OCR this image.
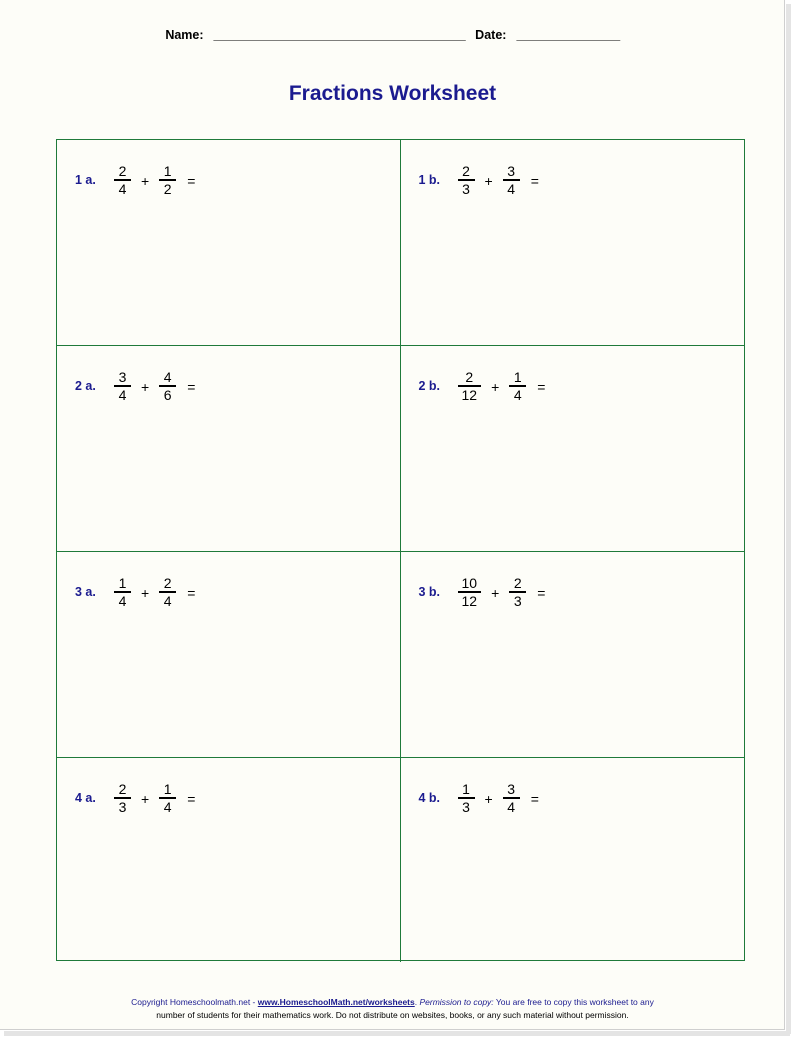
Name: _______________________________________ Date: ________________
Fractions Worksheet
1 a. $\frac{2}{4} + \frac{1}{2}$ =	1 b. $\frac{2}{3} + \frac{3}{4}$ =
2 a. $\frac{3}{4} + \frac{4}{6}$ =	2 b. $\frac{2}{12} + \frac{1}{4}$ =
3 a. $\frac{1}{4} + \frac{2}{4}$ =	3 b. $\frac{10}{12} + \frac{2}{3}$ =
4 a. $\frac{2}{3} + \frac{1}{4}$ =	4 b. $\frac{1}{3} + \frac{3}{4}$ =
Copyright Homeschoolmath.net - www.HomeschoolMath.net/worksheets. Permission to copy: You are free to copy this worksheet to any
number of students for their mathematics work. Do not distribute on websites, books, or any such material without permission.
